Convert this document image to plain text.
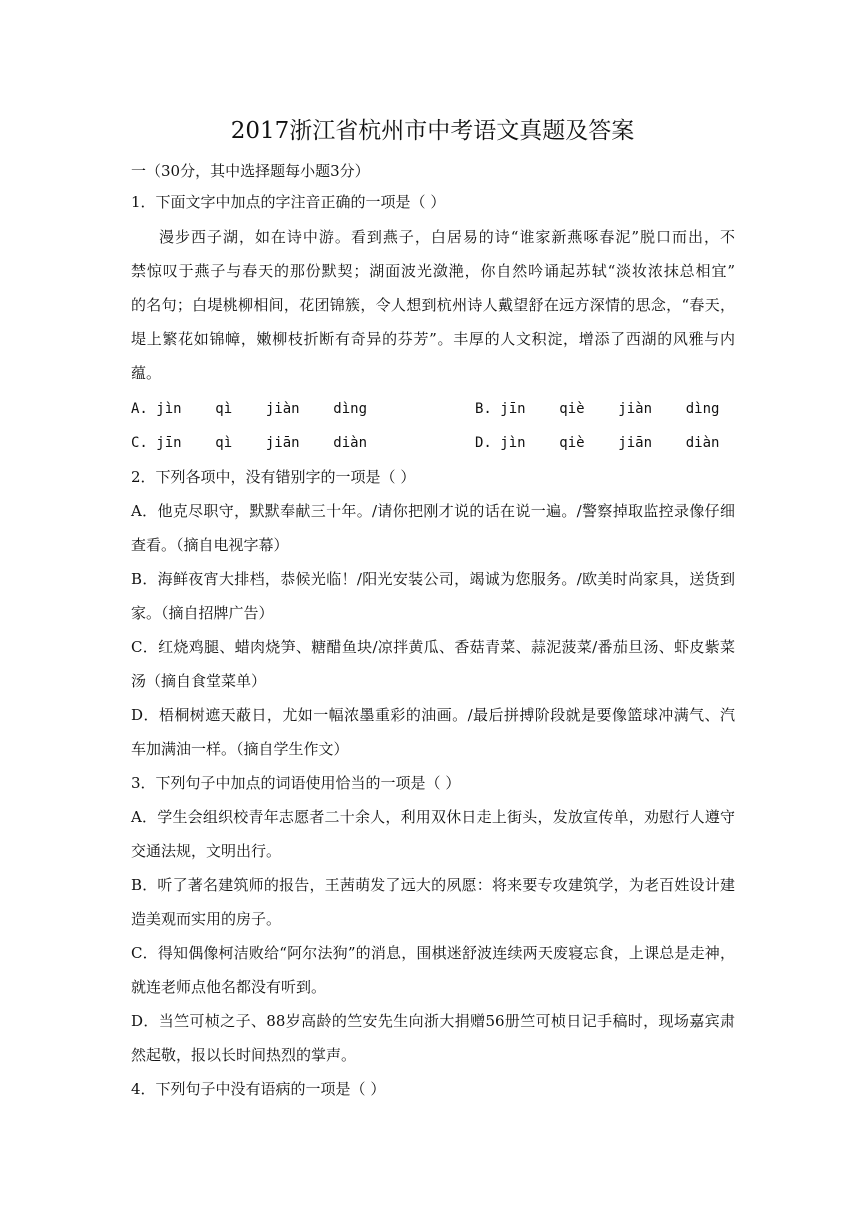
2017浙江省杭州市中考语文真题及答案
一（30分，其中选择题每小题3分）
1．下面文字中加点的字注音正确的一项是（ ）
漫步西子湖，如在诗中游。看到燕子，白居易的诗“谁家新燕啄春泥”脱口而出，不
禁惊叹于燕子与春天的那份默契；湖面波光潋滟，你自然吟诵起苏轼“淡妆浓抹总相宜”
的名句；白堤桃柳相间，花团锦簇，令人想到杭州诗人戴望舒在远方深情的思念，“春天，
堤上繁花如锦幛，嫩柳枝折断有奇异的芬芳”。丰厚的人文积淀，增添了西湖的风雅与内
蕴。
A. jìn    qì    jiàn    dìng	B. jīn    qiè    jiàn    dìng
C. jīn    qì    jiān    diàn	D. jìn    qiè    jiān    diàn
2．下列各项中，没有错别字的一项是（ ）
A．他克尽职守，默默奉献三十年。/请你把刚才说的话在说一遍。/警察掉取监控录像仔细
查看。（摘自电视字幕）
B．海鲜夜宵大排档，恭候光临！/阳光安装公司，竭诚为您服务。/欧美时尚家具，送货到
家。（摘自招牌广告）
C．红烧鸡腿、蜡肉烧笋、糖醋鱼块/凉拌黄瓜、香菇青菜、蒜泥菠菜/番茄旦汤、虾皮紫菜
汤（摘自食堂菜单）
D．梧桐树遮天蔽日，尤如一幅浓墨重彩的油画。/最后拼搏阶段就是要像篮球冲满气、汽
车加满油一样。（摘自学生作文）
3．下列句子中加点的词语使用恰当的一项是（ ）
A．学生会组织校青年志愿者二十余人，利用双休日走上街头，发放宣传单，劝慰行人遵守
交通法规，文明出行。
B．听了著名建筑师的报告，王茜萌发了远大的夙愿：将来要专攻建筑学，为老百姓设计建
造美观而实用的房子。
C．得知偶像柯洁败给“阿尔法狗”的消息，围棋迷舒波连续两天废寝忘食，上课总是走神，
就连老师点他名都没有听到。
D．当竺可桢之子、88岁高龄的竺安先生向浙大捐赠56册竺可桢日记手稿时，现场嘉宾肃
然起敬，报以长时间热烈的掌声。
4．下列句子中没有语病的一项是（ ）
